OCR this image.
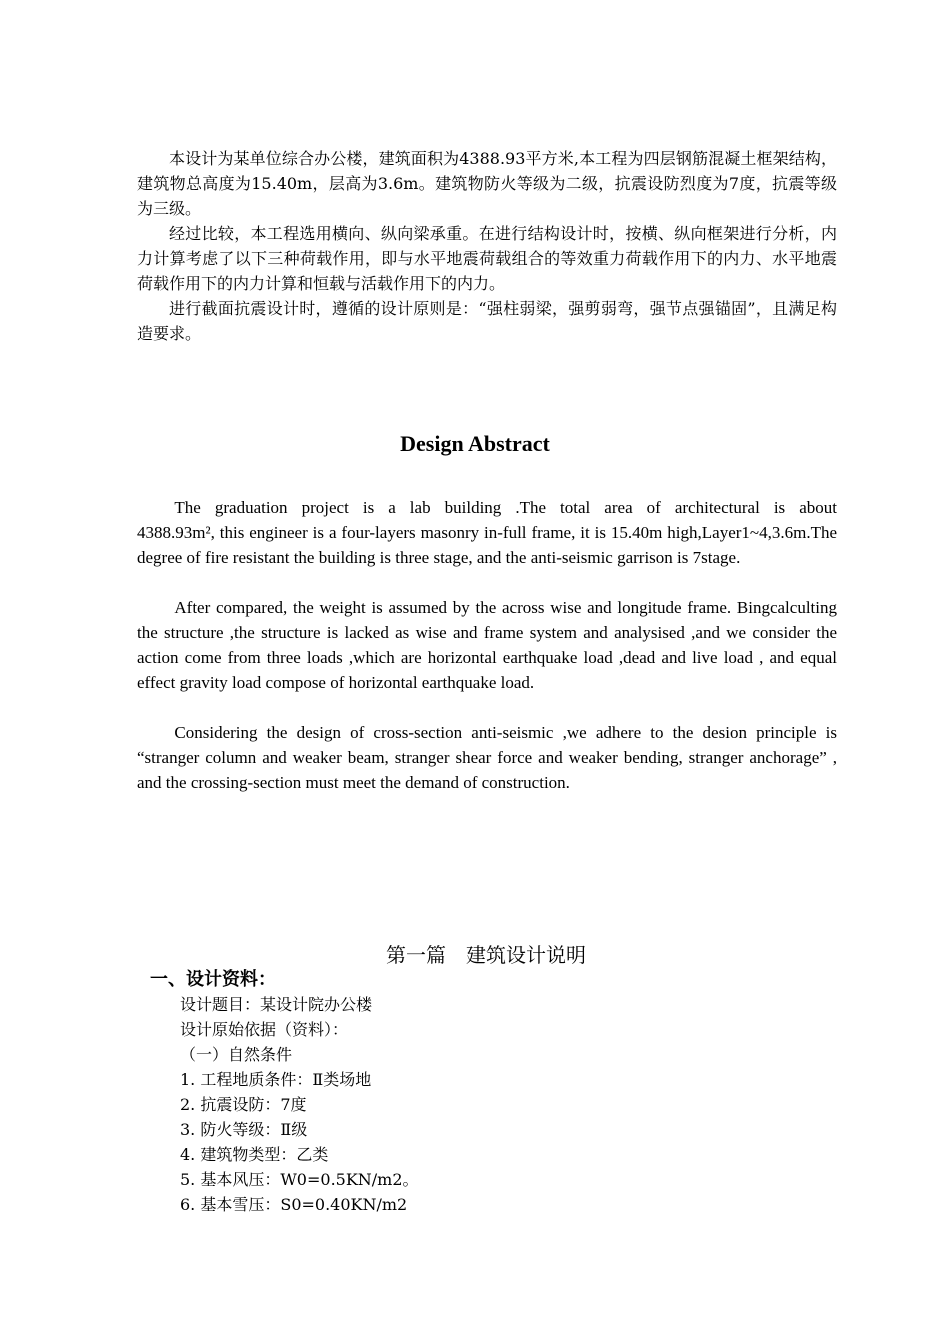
本设计为某单位综合办公楼，建筑面积为4388.93平方米,本工程为四层钢筋混凝土框架结构，建筑物总高度为15.40m，层高为3.6m。建筑物防火等级为二级，抗震设防烈度为7度，抗震等级为三级。

经过比较，本工程选用横向、纵向梁承重。在进行结构设计时，按横、纵向框架进行分析，内力计算考虑了以下三种荷载作用，即与水平地震荷载组合的等效重力荷载作用下的内力、水平地震荷载作用下的内力计算和恒载与活载作用下的内力。

进行截面抗震设计时，遵循的设计原则是：“强柱弱梁，强剪弱弯，强节点强锚固”，且满足构造要求。

Design Abstract

The graduation project is a lab building .The total area of architectural is about

4388.93m², this engineer is a four-layers masonry in-full frame, it is 15.40m high,Layer1~4,3.6m.The degree of fire resistant the building is three stage, and the anti-seismic garrison is 7stage.

After compared, the weight is assumed by the across wise and longitude frame. Bingcalculting the structure ,the structure is lacked as wise and frame system and analysised ,and we consider the action come from three loads ,which are horizontal earthquake load ,dead and live load , and equal effect gravity load compose of horizontal earthquake load.

Considering the design of cross-section anti-seismic ,we adhere to the desion principle is “stranger column and weaker beam, stranger shear force and weaker bending, stranger anchorage” , and the crossing-section must meet the demand of construction.

第一篇 建筑设计说明
一、设计资料：
设计题目：某设计院办公楼
设计原始依据（资料）：
（一）自然条件
1. 工程地质条件：Ⅱ类场地
2. 抗震设防：7度
3. 防火等级：Ⅱ级
4. 建筑物类型：乙类
5. 基本风压：W0=0.5KN/m2。
6. 基本雪压：S0=0.40KN/m2
